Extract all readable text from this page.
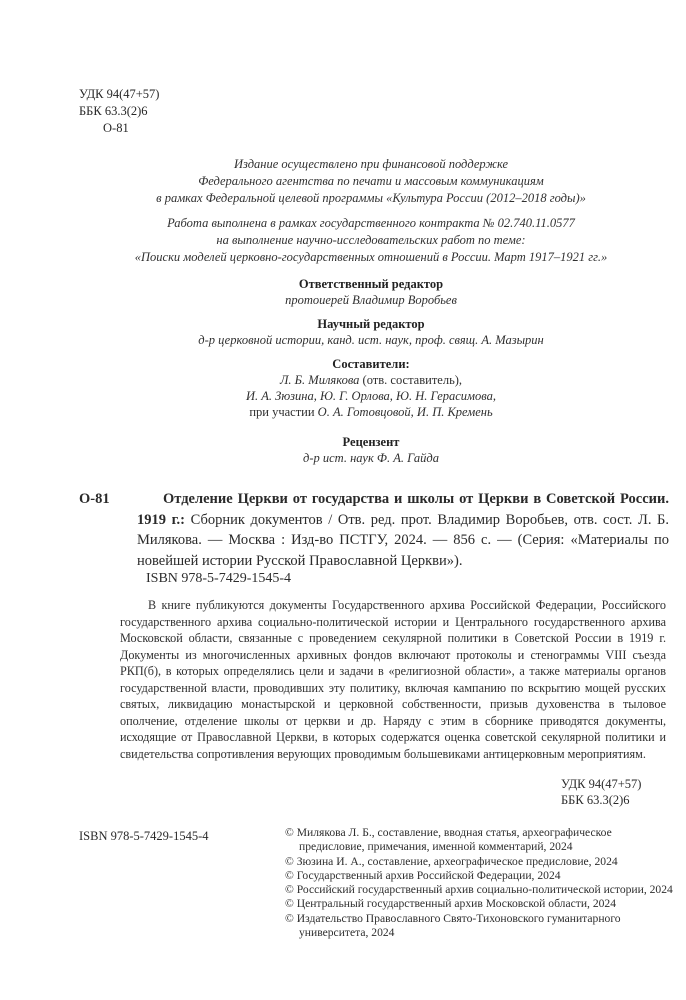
УДК 94(47+57)
ББК 63.3(2)6
О-81
Издание осуществлено при финансовой поддержке
Федерального агентства по печати и массовым коммуникациям
в рамках Федеральной целевой программы «Культура России (2012–2018 годы)»
Работа выполнена в рамках государственного контракта № 02.740.11.0577
на выполнение научно-исследовательских работ по теме:
«Поиски моделей церковно-государственных отношений в России. Март 1917–1921 гг.»
Ответственный редактор
протоиерей Владимир Воробьев
Научный редактор
д-р церковной истории, канд. ист. наук, проф. свящ. А. Мазырин
Составители:
Л. Б. Милякова (отв. составитель),
И. А. Зюзина, Ю. Г. Орлова, Ю. Н. Герасимова,
при участии О. А. Готовцовой, И. П. Кремень
Рецензент
д-р ист. наук Ф. А. Гайда
О-81	Отделение Церкви от государства и школы от Церкви в Советской России. 1919 г.: Сборник документов / Отв. ред. прот. Владимир Воробьев, отв. сост. Л. Б. Милякова. — Москва : Изд-во ПСТГУ, 2024. — 856 с. — (Серия: «Материалы по новейшей истории Русской Православной Церкви»).
ISBN 978-5-7429-1545-4

В книге публикуются документы Государственного архива Российской Федерации, Российского государственного архива социально-политической истории и Центрального государственного архива Московской области, связанные с проведением секулярной политики в Советской России в 1919 г. Документы из многочисленных архивных фондов включают протоколы и стенограммы VIII съезда РКП(б), в которых определялись цели и задачи в «религиозной области», а также материалы органов государственной власти, проводивших эту политику, включая кампанию по вскрытию мощей русских святых, ликвидацию монастырской и церковной собственности, призыв духовенства в тыловое ополчение, отделение школы от церкви и др. Наряду с этим в сборнике приводятся документы, исходящие от Православной Церкви, в которых содержатся оценка советской секулярной политики и свидетельства сопротивления верующих проводимым большевиками антицерковным мероприятиям.

УДК 94(47+57)
ББК 63.3(2)6
ISBN 978-5-7429-1545-4	© Милякова Л. Б., составление, вводная статья, археографическое предисловие, примечания, именной комментарий, 2024
© Зюзина И. А., составление, археографическое предисловие, 2024
© Государственный архив Российской Федерации, 2024
© Российский государственный архив социально-политической истории, 2024
© Центральный государственный архив Московской области, 2024
© Издательство Православного Свято-Тихоновского гуманитарного университета, 2024
